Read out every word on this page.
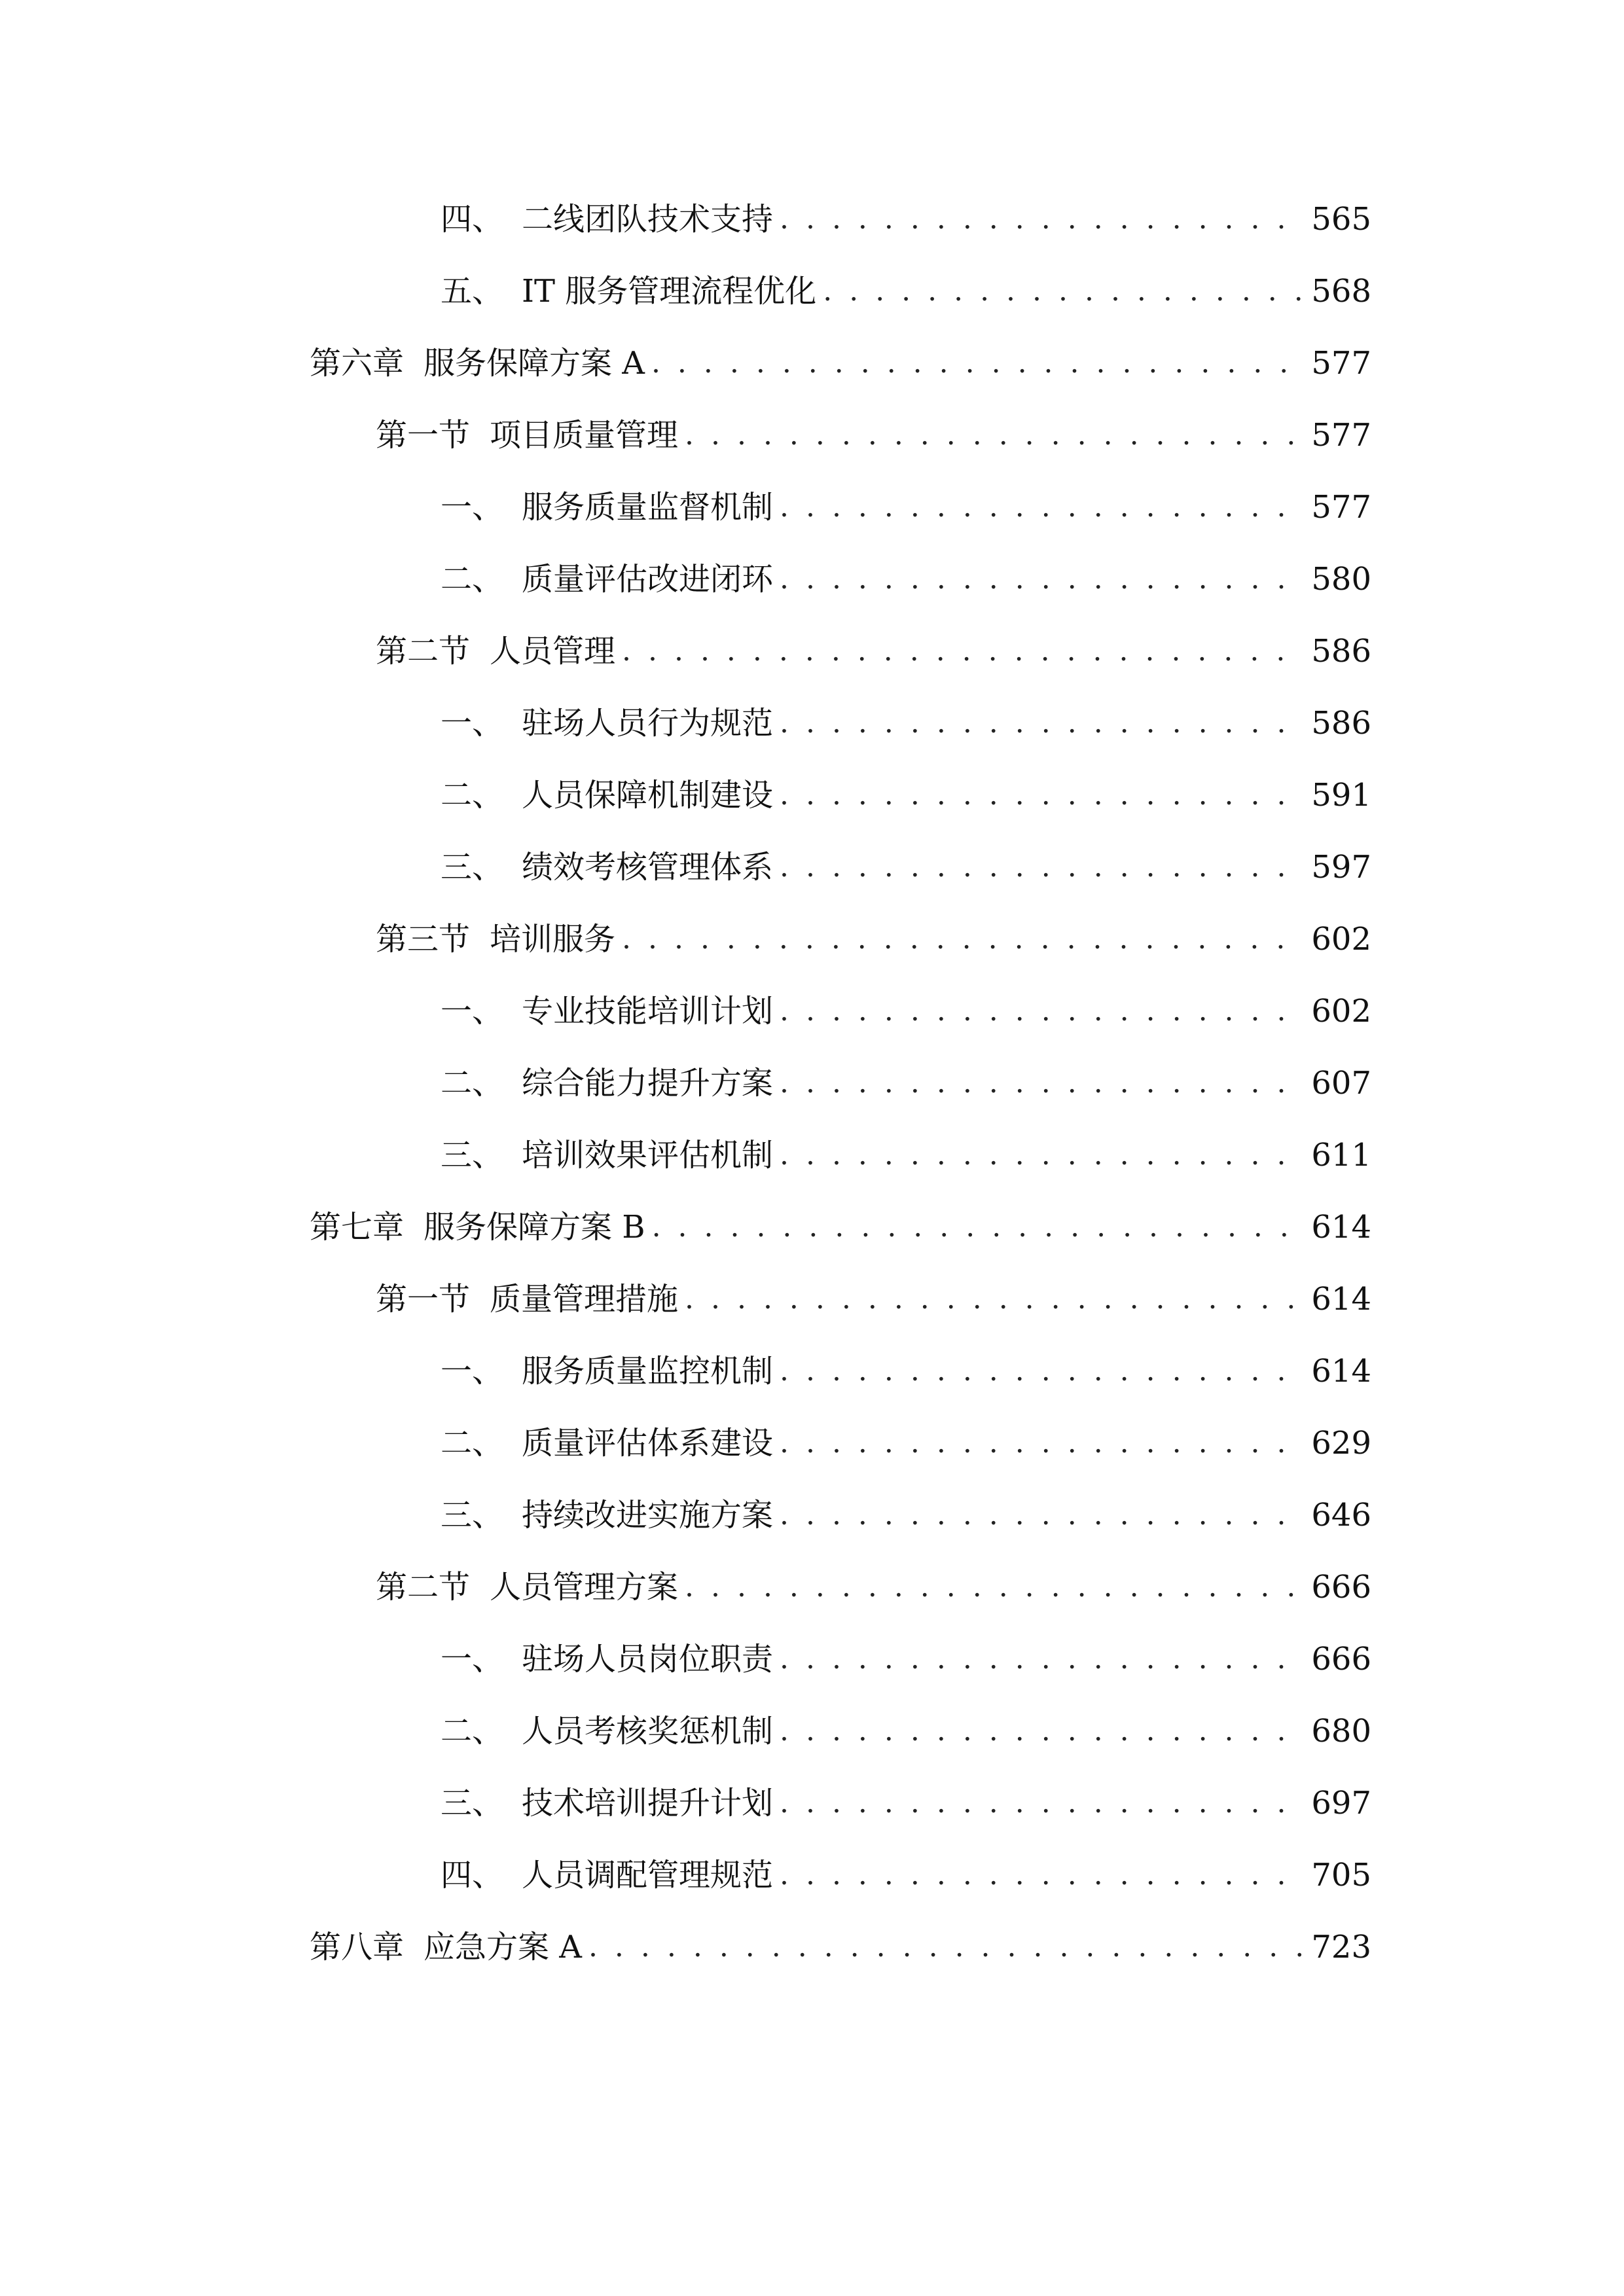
四、 二线团队技术支持 . . .	565
五、 IT 服务管理流程优化 . . .	568
第六章 服务保障方案 A . . .	577
第一节 项目质量管理 . . .	577
一、 服务质量监督机制 . . .	577
二、 质量评估改进闭环 . . .	580
第二节 人员管理 . . .	586
一、 驻场人员行为规范 . . .	586
二、 人员保障机制建设 . . .	591
三、 绩效考核管理体系 . . .	597
第三节 培训服务 . . .	602
一、 专业技能培训计划 . . .	602
二、 综合能力提升方案 . . .	607
三、 培训效果评估机制 . . .	611
第七章 服务保障方案 B . . .	614
第一节 质量管理措施 . . .	614
一、 服务质量监控机制 . . .	614
二、 质量评估体系建设 . . .	629
三、 持续改进实施方案 . . .	646
第二节 人员管理方案 . . .	666
一、 驻场人员岗位职责 . . .	666
二、 人员考核奖惩机制 . . .	680
三、 技术培训提升计划 . . .	697
四、 人员调配管理规范 . . .	705
第八章 应急方案 A . . .	723
